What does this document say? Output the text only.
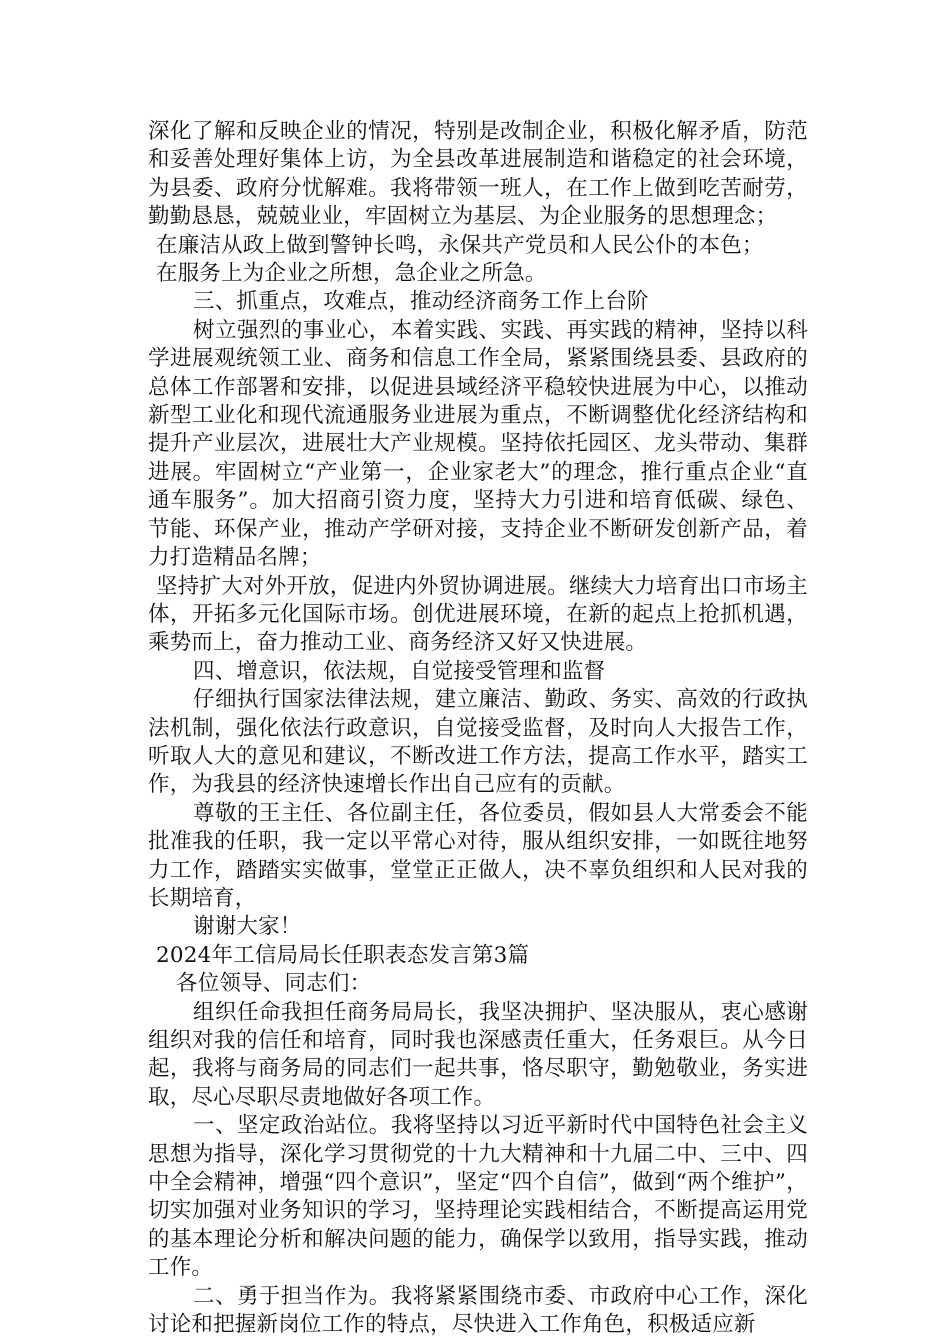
深化了解和反映企业的情况，特别是改制企业，积极化解矛盾，防范和妥善处理好集体上访，为全县改革进展制造和谐稳定的社会环境，为县委、政府分忧解难。我将带领一班人，在工作上做到吃苦耐劳，勤勤恳恳，兢兢业业，牢固树立为基层、为企业服务的思想理念；

在廉洁从政上做到警钟长鸣，永保共产党员和人民公仆的本色；

在服务上为企业之所想，急企业之所急。

三、抓重点，攻难点，推动经济商务工作上台阶

树立强烈的事业心，本着实践、实践、再实践的精神，坚持以科学进展观统领工业、商务和信息工作全局，紧紧围绕县委、县政府的总体工作部署和安排，以促进县域经济平稳较快进展为中心，以推动新型工业化和现代流通服务业进展为重点，不断调整优化经济结构和提升产业层次，进展壮大产业规模。坚持依托园区、龙头带动、集群进展。牢固树立“产业第一，企业家老大”的理念，推行重点企业“直通车服务”。加大招商引资力度，坚持大力引进和培育低碳、绿色、节能、环保产业，推动产学研对接，支持企业不断研发创新产品，着力打造精品名牌；

坚持扩大对外开放，促进内外贸协调进展。继续大力培育出口市场主体，开拓多元化国际市场。创优进展环境，在新的起点上抢抓机遇，乘势而上，奋力推动工业、商务经济又好又快进展。

四、增意识，依法规，自觉接受管理和监督

仔细执行国家法律法规，建立廉洁、勤政、务实、高效的行政执法机制，强化依法行政意识，自觉接受监督，及时向人大报告工作，听取人大的意见和建议，不断改进工作方法，提高工作水平，踏实工作，为我县的经济快速增长作出自己应有的贡献。

尊敬的王主任、各位副主任，各位委员，假如县人大常委会不能批准我的任职，我一定以平常心对待，服从组织安排，一如既往地努力工作，踏踏实实做事，堂堂正正做人，决不辜负组织和人民对我的长期培育，

谢谢大家！

2024年工信局局长任职表态发言第3篇

各位领导、同志们：

组织任命我担任商务局局长，我坚决拥护、坚决服从，衷心感谢组织对我的信任和培育，同时我也深感责任重大，任务艰巨。从今日起，我将与商务局的同志们一起共事，恪尽职守，勤勉敬业，务实进取，尽心尽职尽责地做好各项工作。

一、坚定政治站位。我将坚持以习近平新时代中国特色社会主义思想为指导，深化学习贯彻党的十九大精神和十九届二中、三中、四中全会精神，增强“四个意识”，坚定“四个自信”，做到“两个维护”，切实加强对业务知识的学习，坚持理论实践相结合，不断提高运用党的基本理论分析和解决问题的能力，确保学以致用，指导实践，推动工作。

二、勇于担当作为。我将紧紧围绕市委、市政府中心工作，深化讨论和把握新岗位工作的特点，尽快进入工作角色，积极适应新
